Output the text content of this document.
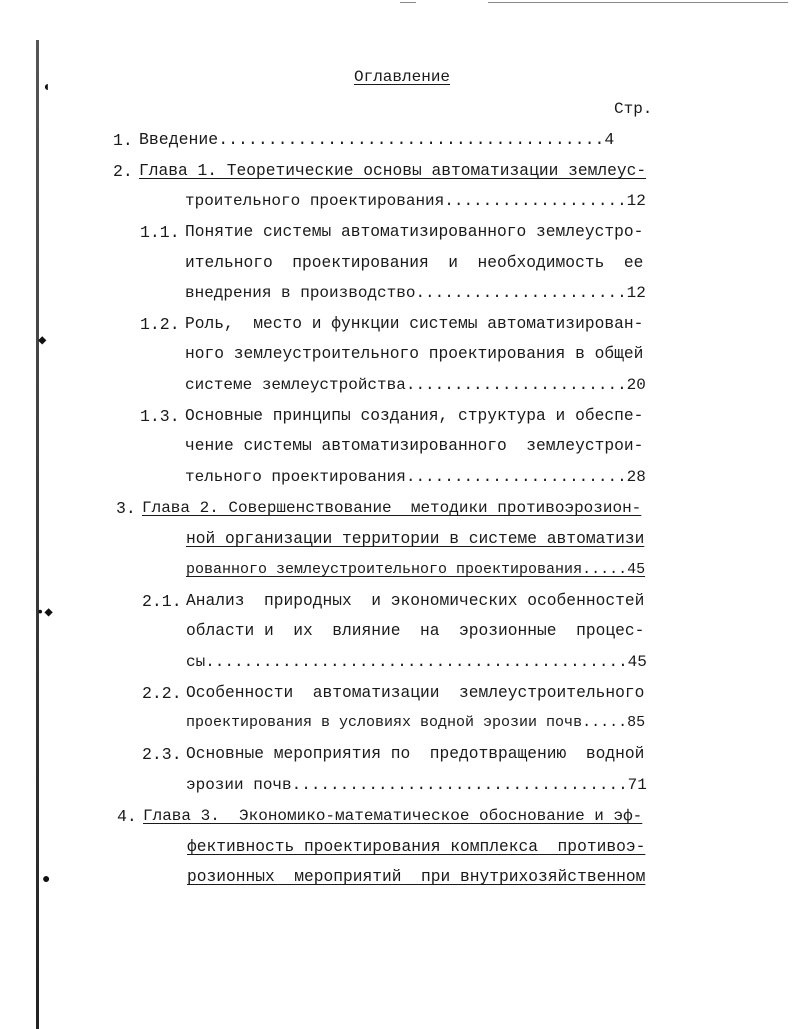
◖
◆
•◆
●
Оглавление
Стр.
1. Введение.......................................4
2. Глава 1. Теоретические основы автоматизации землеус-
троительного проектирования...................12
1.1. Понятие системы автоматизированного землеустро-
ительного  проектирования  и  необходимость  ее
внедрения в производство......................12
1.2. Роль,  место и функции системы автоматизирован-
ного землеустроительного проектирования в общей
системе землеустройства.......................20
1.3. Основные принципы создания, структура и обеспе-
чение системы автоматизированного  землеустрои-
тельного проектирования.......................28
3. Глава 2. Совершенствование  методики противоэрозион-
ной организации территории в системе автоматизи
рованного землеустроительного проектирования.....45
2.1. Анализ  природных  и экономических особенностей
области и  их  влияние  на  эрозионные  процес-
сы............................................45
2.2. Особенности  автоматизации  землеустроительного
проектирования в условиях водной эрозии почв.....85
2.3. Основные мероприятия по  предотвращению  водной
эрозии почв...................................71
4. Глава 3.  Экономико-математическое обоснование и эф-
фективность проектирования комплекса  противоэ-
розионных  мероприятий  при внутрихозяйственном
